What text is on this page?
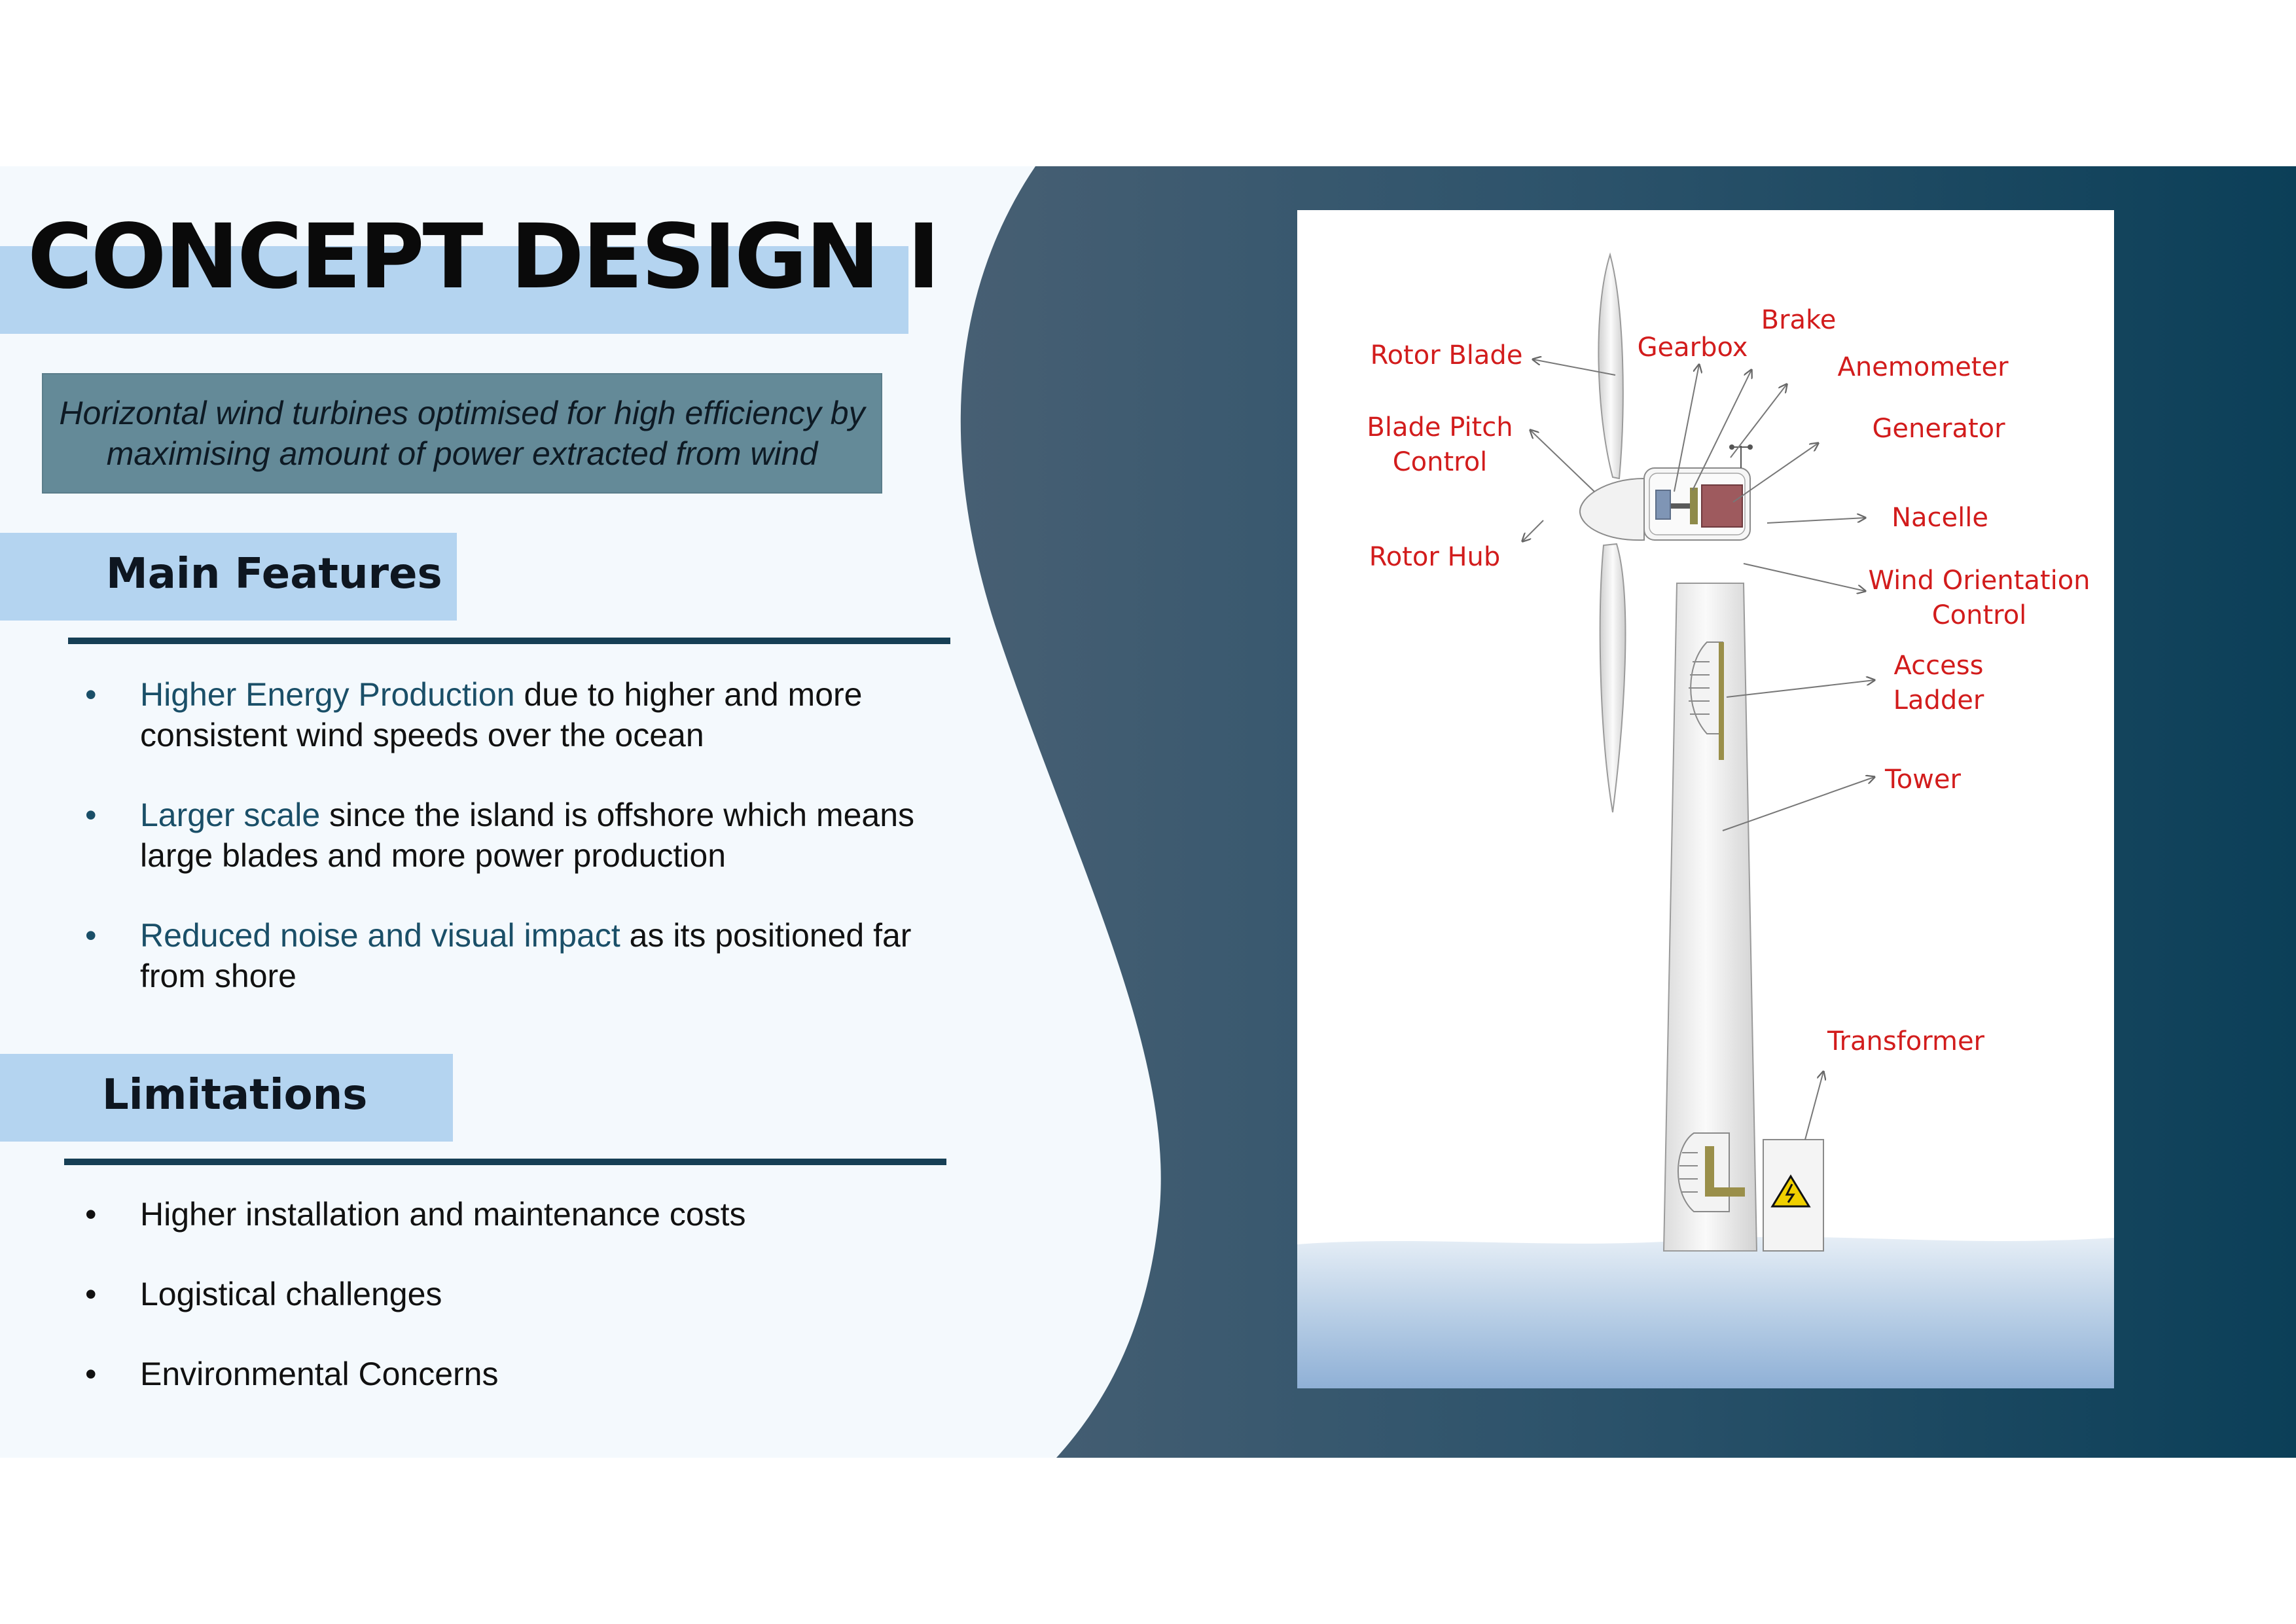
CONCEPT DESIGN I
Horizontal wind turbines optimised for high efficiency by maximising amount of power extracted from wind
Main Features
• Higher Energy Production due to higher and more consistent wind speeds over the ocean
• Larger scale since the island is offshore which means large blades and more power production
• Reduced noise and visual impact as its positioned far from shore
Limitations
• Higher installation and maintenance costs
• Logistical challenges
• Environmental Concerns
Rotor Blade	Gearbox
Brake
Anemometer
Blade Pitch
Control
Generator
Nacelle
Rotor Hub
Wind Orientation
Control
Access
Ladder
Tower
Transformer
